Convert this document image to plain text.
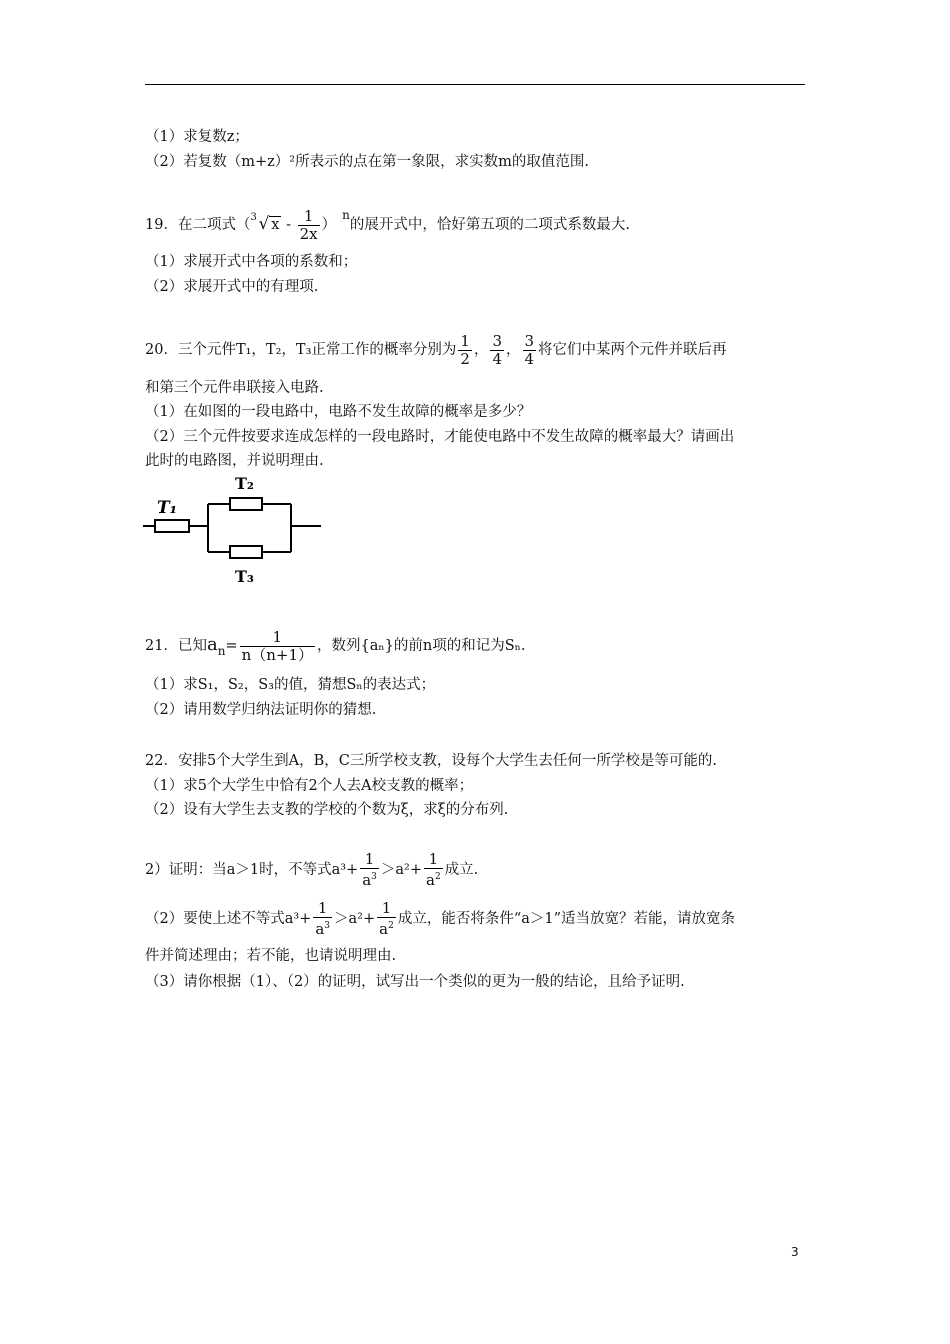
（1）求复数z；
（2）若复数（m+z）²所表示的点在第一象限，求实数m的取值范围.
19．在二项式（ 3 √ x - $\frac{1}{2x} )^n$的展开式中，恰好第五项的二项式系数最大.
（1）求展开式中各项的系数和；
（2）求展开式中的有理项.
20．三个元件T₁，T₂，T₃正常工作的概率分别为 $\frac{1}{2}$ ， $\frac{3}{4}$ ， $\frac{3}{4}$ 将它们中某两个元件并联后再
和第三个元件串联接入电路.
（1）在如图的一段电路中，电路不发生故障的概率是多少？
（2）三个元件按要求连成怎样的一段电路时，才能使电路中不发生故障的概率最大？请画出
此时的电路图，并说明理由.
T₁
T₂
T₃
21．已知$a_n= \frac{1}{n(n+1)}$ ，数列{aₙ}的前n项的和记为Sₙ.
（1）求S₁，S₂，S₃的值，猜想Sₙ的表达式；
（2）请用数学归纳法证明你的猜想.
22．安排5个大学生到A，B，C三所学校支教，设每个大学生去任何一所学校是等可能的.
（1）求5个大学生中恰有2个人去A校支教的概率；
（2）设有大学生去支教的学校的个数为ξ，求ξ的分布列.
2）证明：当a＞1时，不等式$a^3+ \frac{1}{a^3} >a^2+ \frac{1}{a^2}$ 成立.
（2）要使上述不等式$a^3+ \frac{1}{a^3} >a^2+ \frac{1}{a^2}$ 成立，能否将条件“a＞1”适当放宽？若能，请放宽条
件并简述理由；若不能，也请说明理由.
（3）请你根据（1）、（2）的证明，试写出一个类似的更为一般的结论，且给予证明.
3
